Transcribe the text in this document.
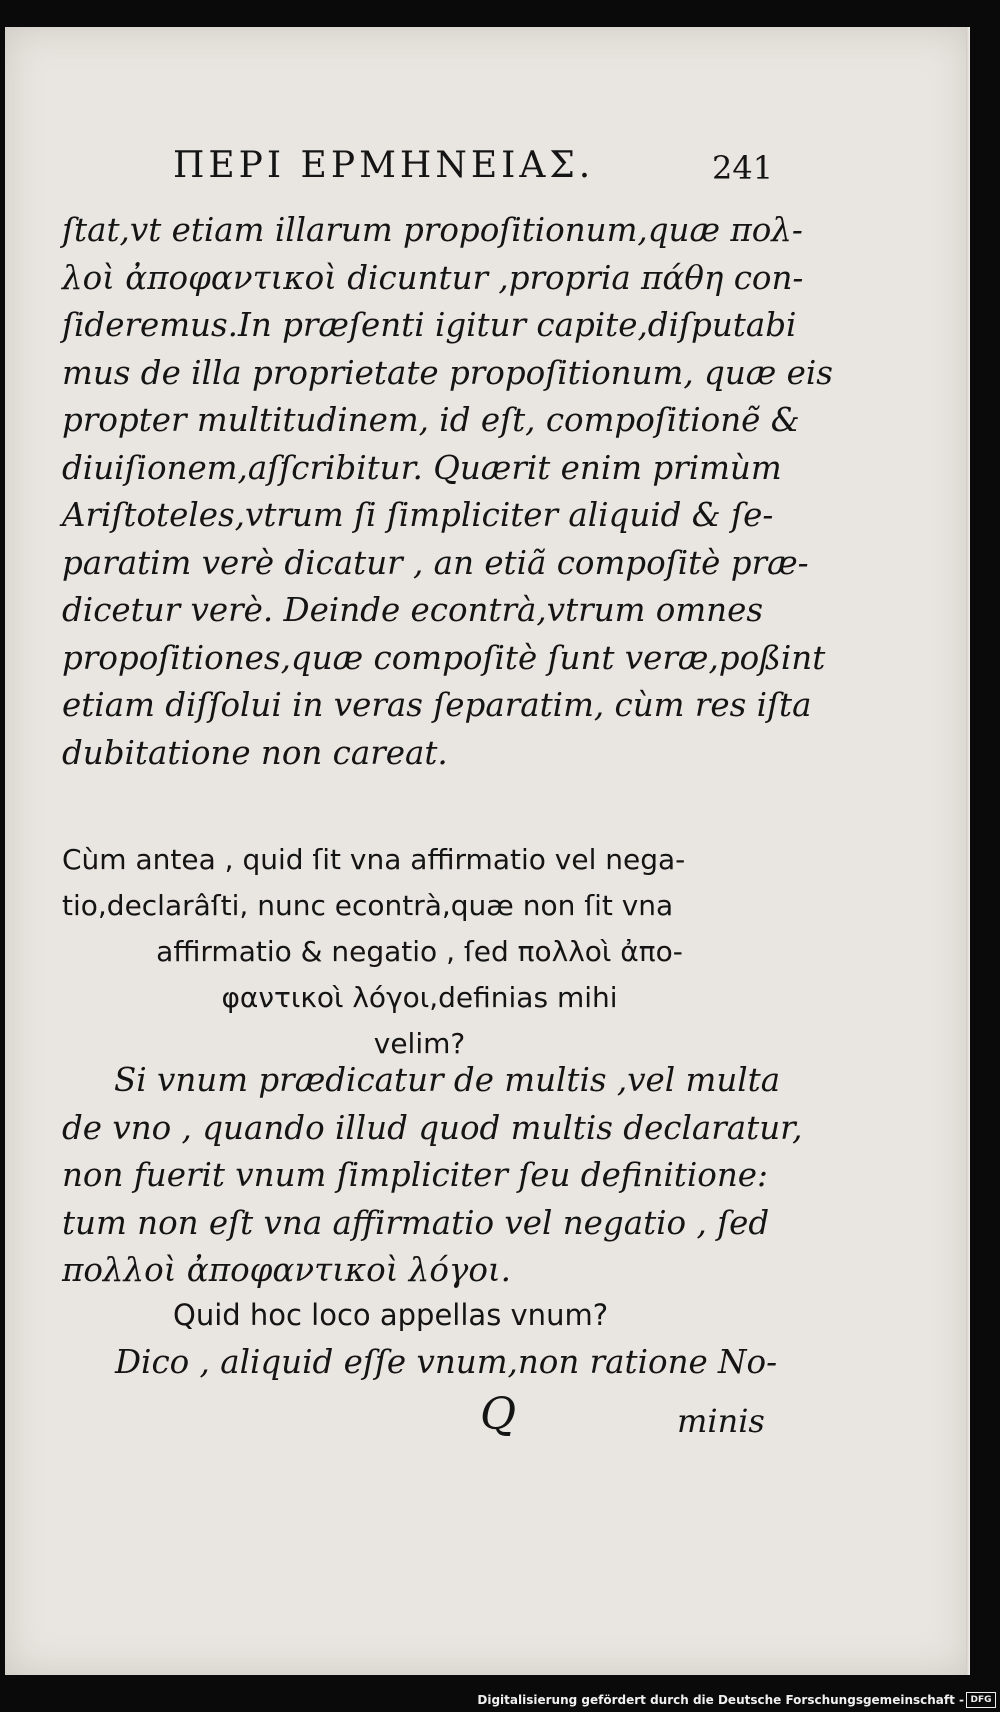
ΠΕΡΙ ΕΡΜΗΝΕΙΑΣ.	241
ſtat,vt etiam illarum propoſitionum,quæ πολ-
λοὶ ἀποφαντικοὶ dicuntur ,propria πάθη con-
ſideremus.In præſenti igitur capite,diſputabi
mus de illa proprietate propoſitionum, quæ eis
propter multitudinem, id eſt, compoſitionẽ &
diuiſionem,aſſcribitur. Quærit enim primùm
Ariſtoteles,vtrum ſi ſimpliciter aliquid & ſe-
paratim verè dicatur , an etiã compoſitè præ-
dicetur verè. Deinde econtrà,vtrum omnes
propoſitiones,quæ compoſitè ſunt veræ,poßint
etiam diſſolui in veras ſeparatim, cùm res iſta
dubitatione non careat.
Cùm antea , quid ſit vna affirmatio vel nega-
tio,declarâſti, nunc econtrà,quæ non ſit vna
affirmatio & negatio , ſed πολλοὶ ἀπο-
φαντικοὶ λόγοι,definias mihi
velim?
Si vnum prædicatur de multis ,vel multa
de vno , quando illud quod multis declaratur,
non fuerit vnum ſimpliciter ſeu definitione:
tum non eſt vna affirmatio vel negatio , ſed
πολλοὶ ἀποφαντικοὶ λόγοι.
Quid hoc loco appellas vnum?
Dico , aliquid eſſe vnum,non ratione No-
Q	minis
Digitalisierung gefördert durch die Deutsche Forschungsgemeinschaft - DFG
